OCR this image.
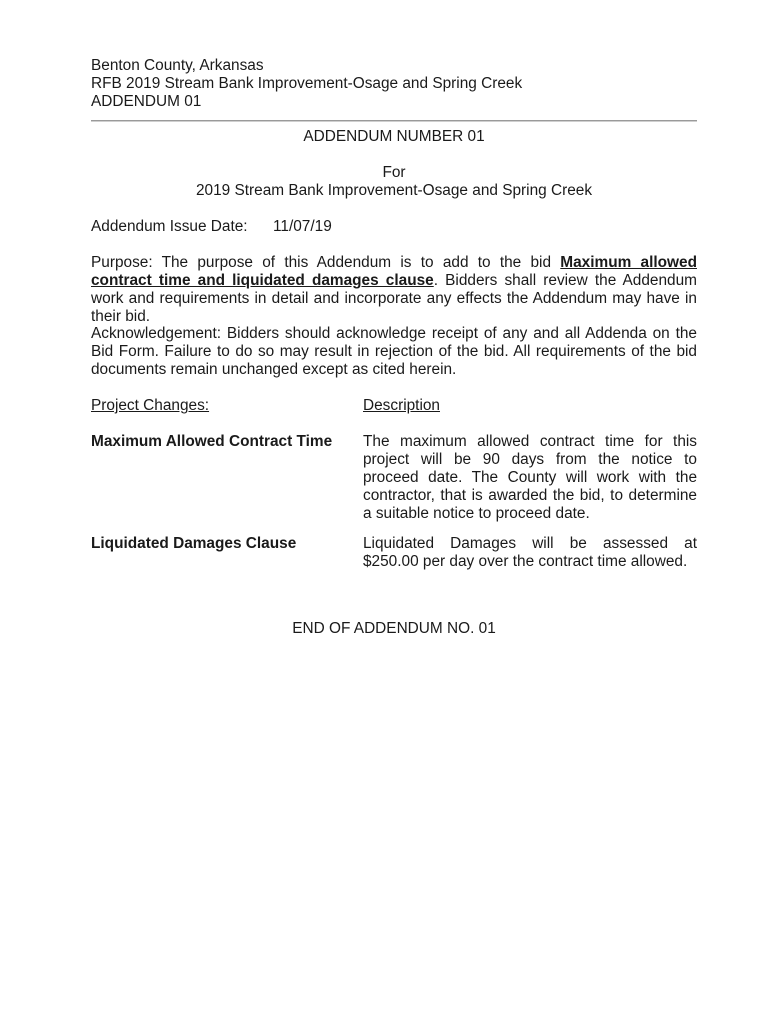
Benton County, Arkansas
RFB 2019 Stream Bank Improvement-Osage and Spring Creek
ADDENDUM 01
ADDENDUM NUMBER 01
For
2019 Stream Bank Improvement-Osage and Spring Creek
Addendum Issue Date: 11/07/19
Purpose: The purpose of this Addendum is to add to the bid Maximum allowed contract time and liquidated damages clause. Bidders shall review the Addendum work and requirements in detail and incorporate any effects the Addendum may have in their bid.
Acknowledgement: Bidders should acknowledge receipt of any and all Addenda on the Bid Form. Failure to do so may result in rejection of the bid. All requirements of the bid documents remain unchanged except as cited herein.
Project Changes:	Description
Maximum Allowed Contract Time	The maximum allowed contract time for this project will be 90 days from the notice to proceed date. The County will work with the contractor, that is awarded the bid, to determine a suitable notice to proceed date.
Liquidated Damages Clause	Liquidated Damages will be assessed at $250.00 per day over the contract time allowed.
END OF ADDENDUM NO. 01
